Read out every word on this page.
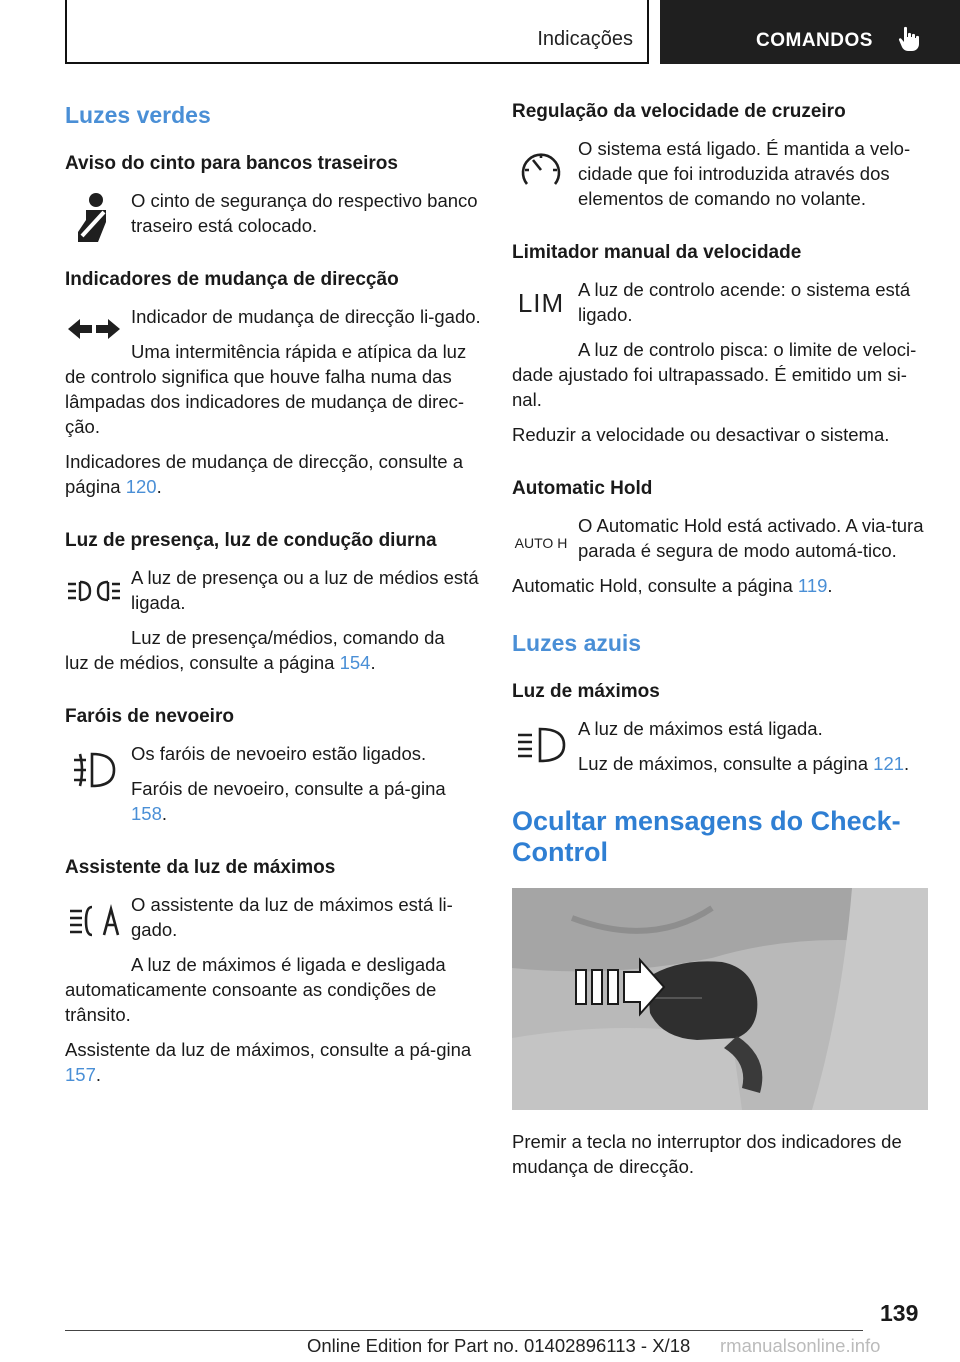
Indicações	COMANDOS
Luzes verdes
Aviso do cinto para bancos traseiros

O cinto de segurança do respectivo banco traseiro está colocado.

Indicadores de mudança de direcção

Indicador de mudança de direcção li‐gado.

Uma intermitência rápida e atípica da luz

de controlo significa que houve falha numa das lâmpadas dos indicadores de mudança de direc‐ção.

Indicadores de mudança de direcção, consulte a página 120.

Luz de presença, luz de condução diurna

A luz de presença ou a luz de médios está ligada.

Luz de presença/médios, comando da

luz de médios, consulte a página 154.

Faróis de nevoeiro

Os faróis de nevoeiro estão ligados.

Faróis de nevoeiro, consulte a pá‐gina 158.

Assistente da luz de máximos

O assistente da luz de máximos está li‐gado.

A luz de máximos é ligada e desligada

automaticamente consoante as condições de trânsito.

Assistente da luz de máximos, consulte a pá‐gina 157.

Regulação da velocidade de cruzeiro

O sistema está ligado. É mantida a velo‐cidade que foi introduzida através dos elementos de comando no volante.

Limitador manual da velocidade
LIM A luz de controlo acende: o sistema está ligado.

A luz de controlo pisca: o limite de veloci‐

dade ajustado foi ultrapassado. É emitido um si‐nal.

Reduzir a velocidade ou desactivar o sistema.

Automatic Hold
AUTO H

O Automatic Hold está activado. A via‐tura parada é segura de modo automá‐tico.

Automatic Hold, consulte a página 119.

Luzes azuis
Luz de máximos

A luz de máximos está ligada.

Luz de máximos, consulte a página 121.

Ocultar mensagens do Check-Control

Premir a tecla no interruptor dos indicadores de mudança de direcção.

139
Online Edition for Part no. 01402896113 - X/18 rmanualsonline.info
